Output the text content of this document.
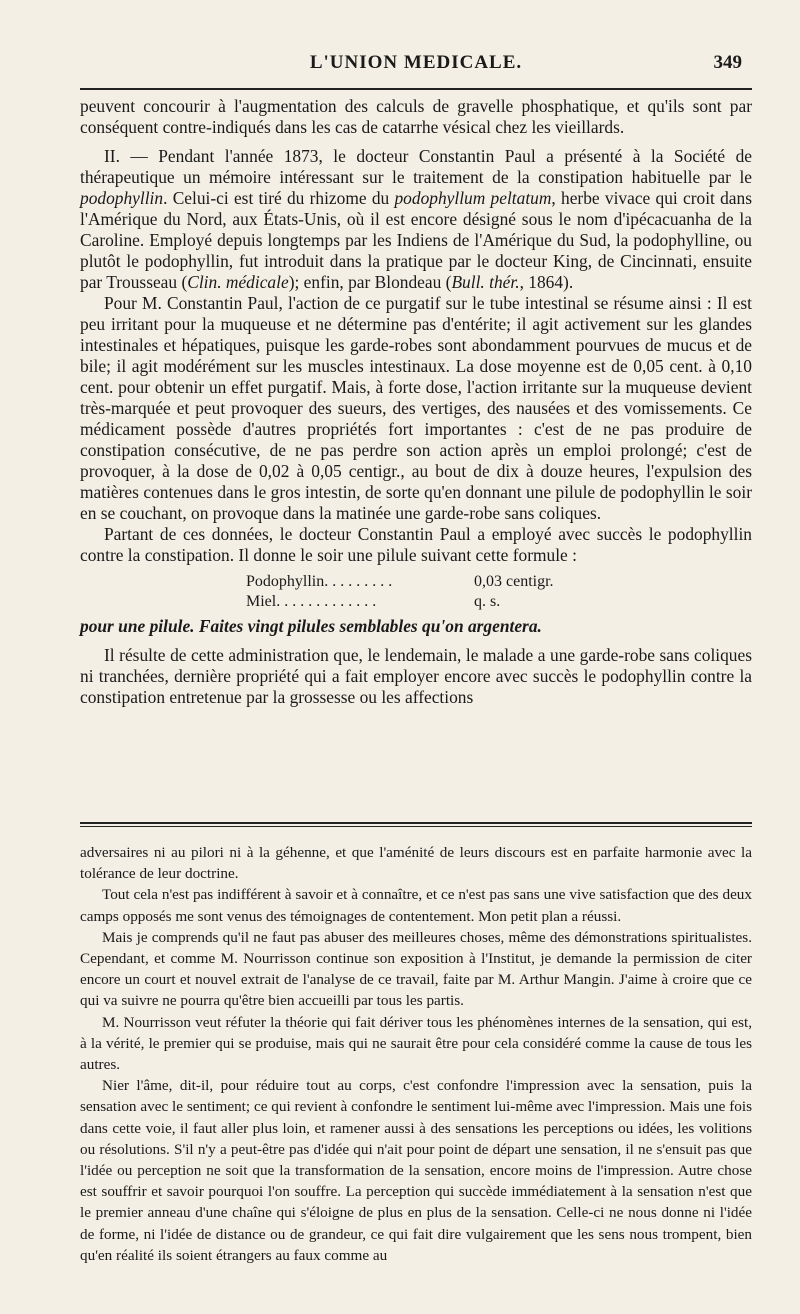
L'UNION MEDICALE.	349

peuvent concourir à l'augmentation des calculs de gravelle phosphatique, et qu'ils sont par conséquent contre-indiqués dans les cas de catarrhe vésical chez les vieillards.

II. — Pendant l'année 1873, le docteur Constantin Paul a présenté à la Société de thérapeutique un mémoire intéressant sur le traitement de la constipation habituelle par le podophyllin. Celui-ci est tiré du rhizome du podophyllum peltatum, herbe vivace qui croit dans l'Amérique du Nord, aux États-Unis, où il est encore désigné sous le nom d'ipécacuanha de la Caroline. Employé depuis longtemps par les Indiens de l'Amérique du Sud, la podophylline, ou plutôt le podophyllin, fut introduit dans la pratique par le docteur King, de Cincinnati, ensuite par Trousseau (Clin. médicale); enfin, par Blondeau (Bull. thér., 1864).

Pour M. Constantin Paul, l'action de ce purgatif sur le tube intestinal se résume ainsi : Il est peu irritant pour la muqueuse et ne détermine pas d'entérite; il agit activement sur les glandes intestinales et hépatiques, puisque les garde-robes sont abondamment pourvues de mucus et de bile; il agit modérément sur les muscles intestinaux. La dose moyenne est de 0,05 cent. à 0,10 cent. pour obtenir un effet purgatif. Mais, à forte dose, l'action irritante sur la muqueuse devient très-marquée et peut provoquer des sueurs, des vertiges, des nausées et des vomissements. Ce médicament possède d'autres propriétés fort importantes : c'est de ne pas produire de constipation consécutive, de ne pas perdre son action après un emploi prolongé; c'est de provoquer, à la dose de 0,02 à 0,05 centigr., au bout de dix à douze heures, l'expulsion des matières contenues dans le gros intestin, de sorte qu'en donnant une pilule de podophyllin le soir en se couchant, on provoque dans la matinée une garde-robe sans coliques.

Partant de ces données, le docteur Constantin Paul a employé avec succès le podophyllin contre la constipation. Il donne le soir une pilule suivant cette formule :

Podophyllin. . . . . . . . .	0,03 centigr.
Miel. . . . . . . . . . . . .	q. s.

pour une pilule. Faites vingt pilules semblables qu'on argentera.

Il résulte de cette administration que, le lendemain, le malade a une garde-robe sans coliques ni tranchées, dernière propriété qui a fait employer encore avec succès le podophyllin contre la constipation entretenue par la grossesse ou les affections

adversaires ni au pilori ni à la géhenne, et que l'aménité de leurs discours est en parfaite harmonie avec la tolérance de leur doctrine.

Tout cela n'est pas indifférent à savoir et à connaître, et ce n'est pas sans une vive satisfaction que des deux camps opposés me sont venus des témoignages de contentement. Mon petit plan a réussi.

Mais je comprends qu'il ne faut pas abuser des meilleures choses, même des démonstrations spiritualistes. Cependant, et comme M. Nourrisson continue son exposition à l'Institut, je demande la permission de citer encore un court et nouvel extrait de l'analyse de ce travail, faite par M. Arthur Mangin. J'aime à croire que ce qui va suivre ne pourra qu'être bien accueilli par tous les partis.

M. Nourrisson veut réfuter la théorie qui fait dériver tous les phénomènes internes de la sensation, qui est, à la vérité, le premier qui se produise, mais qui ne saurait être pour cela considéré comme la cause de tous les autres.

Nier l'âme, dit-il, pour réduire tout au corps, c'est confondre l'impression avec la sensation, puis la sensation avec le sentiment; ce qui revient à confondre le sentiment lui-même avec l'impression. Mais une fois dans cette voie, il faut aller plus loin, et ramener aussi à des sensations les perceptions ou idées, les volitions ou résolutions. S'il n'y a peut-être pas d'idée qui n'ait pour point de départ une sensation, il ne s'ensuit pas que l'idée ou perception ne soit que la transformation de la sensation, encore moins de l'impression. Autre chose est souffrir et savoir pourquoi l'on souffre. La perception qui succède immédiatement à la sensation n'est que le premier anneau d'une chaîne qui s'éloigne de plus en plus de la sensation. Celle-ci ne nous donne ni l'idée de forme, ni l'idée de distance ou de grandeur, ce qui fait dire vulgairement que les sens nous trompent, bien qu'en réalité ils soient étrangers au faux comme au
